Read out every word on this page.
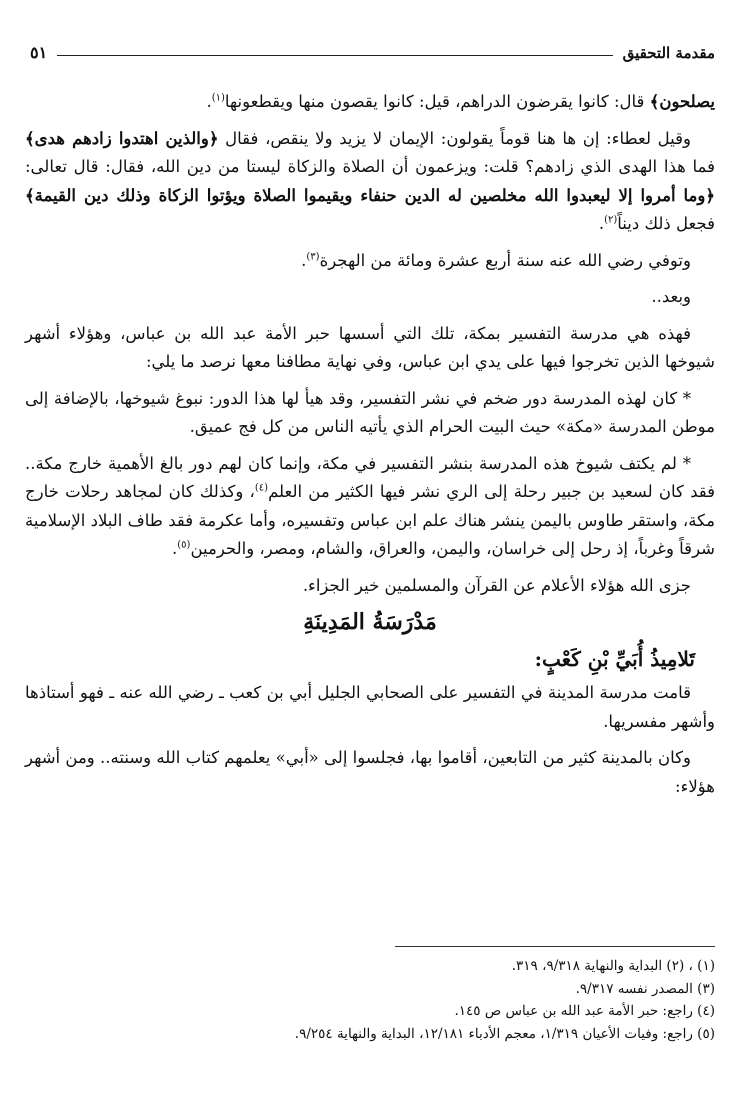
مقدمة التحقيق
٥١

يصلحون﴾ قال: كانوا يقرضون الدراهم، قيل: كانوا يقصون منها ويقطعونها$^{(١)}$.

وقيل لعطاء: إن ها هنا قوماً يقولون: الإيمان لا يزيد ولا ينقص، فقال ﴿والذين اهتدوا زادهم هدى﴾ فما هذا الهدى الذي زادهم؟ قلت: ويزعمون أن الصلاة والزكاة ليستا من دين الله، فقال: قال تعالى: ﴿وما أمروا إلا ليعبدوا الله مخلصين له الدين حنفاء ويقيموا الصلاة ويؤتوا الزكاة وذلك دين القيمة﴾ فجعل ذلك ديناً$^{(٢)}$.

وتوفي رضي الله عنه سنة أربع عشرة ومائة من الهجرة$^{(٣)}$.

وبعد..

فهذه هي مدرسة التفسير بمكة، تلك التي أسسها حبر الأمة عبد الله بن عباس، وهؤلاء أشهر شيوخها الذين تخرجوا فيها على يدي ابن عباس، وفي نهاية مطافنا معها نرصد ما يلي:

* كان لهذه المدرسة دور ضخم في نشر التفسير، وقد هيأ لها هذا الدور: نبوغ شيوخها، بالإضافة إلى موطن المدرسة «مكة» حيث البيت الحرام الذي يأتيه الناس من كل فج عميق.

* لم يكتف شيوخ هذه المدرسة بنشر التفسير في مكة، وإنما كان لهم دور بالغ الأهمية خارج مكة.. فقد كان لسعيد بن جبير رحلة إلى الري نشر فيها الكثير من العلم$^{(٤)}$، وكذلك كان لمجاهد رحلات خارج مكة، واستقر طاوس باليمن ينشر هناك علم ابن عباس وتفسيره، وأما عكرمة فقد طاف البلاد الإسلامية شرقاً وغرباً، إذ رحل إلى خراسان، واليمن، والعراق، والشام، ومصر، والحرمين$^{(٥)}$.

جزى الله هؤلاء الأعلام عن القرآن والمسلمين خير الجزاء.

مَدْرَسَةُ المَدِينَةِ
تَلامِيذُ أُبَيِّ بْنِ كَعْبٍ:

قامت مدرسة المدينة في التفسير على الصحابي الجليل أبي بن كعب ـ رضي الله عنه ـ فهو أستاذها وأشهر مفسريها.

وكان بالمدينة كثير من التابعين، أقاموا بها، فجلسوا إلى «أبي» يعلمهم كتاب الله وسنته.. ومن أشهر هؤلاء:

(١) ، (٢) البداية والنهاية ٩/٣١٨، ٣١٩.
(٣) المصدر نفسه ٩/٣١٧.
(٤) راجع: حبر الأمة عبد الله بن عباس ص ١٤٥.
(٥) راجع: وفيات الأعيان ١/٣١٩، معجم الأدباء ١٢/١٨١، البداية والنهاية ٩/٢٥٤.
